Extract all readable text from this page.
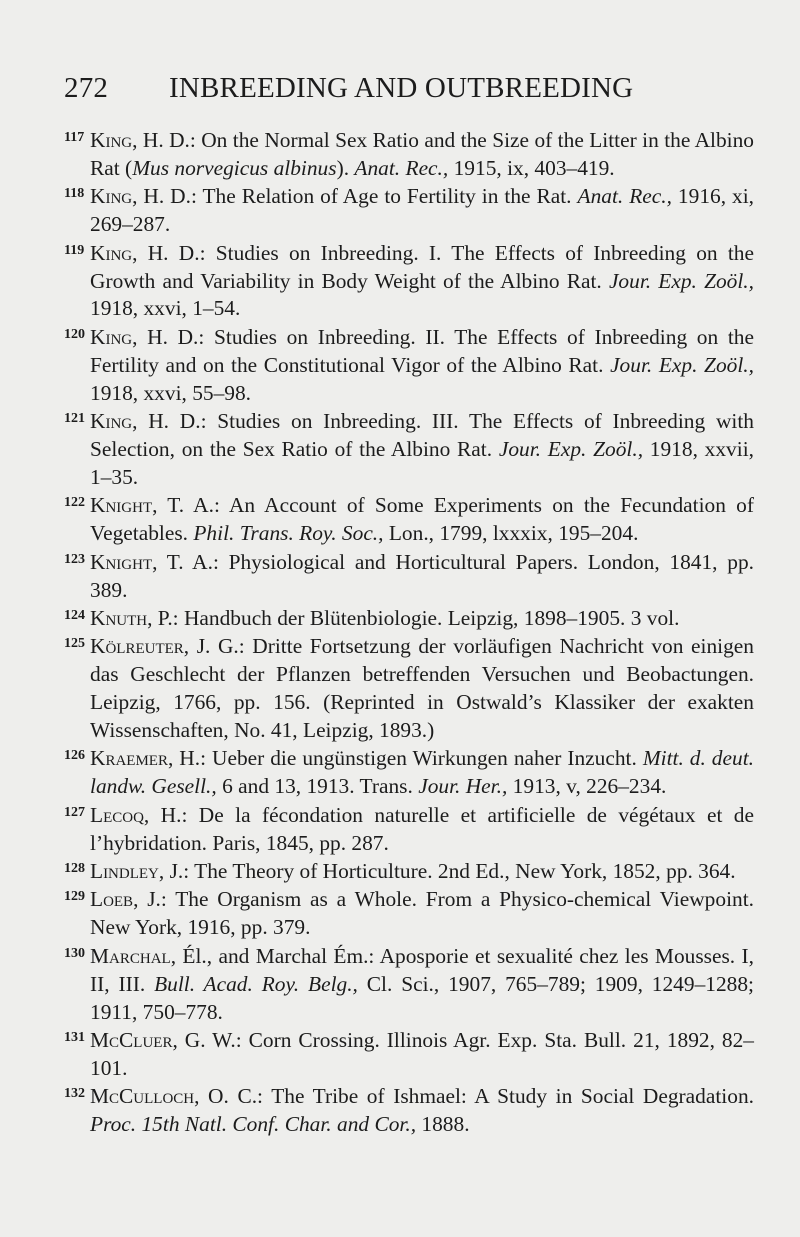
272 INBREEDING AND OUTBREEDING
117 King, H. D.: On the Normal Sex Ratio and the Size of the Litter in the Albino Rat (Mus norvegicus albinus). Anat. Rec., 1915, ix, 403–419.
118 King, H. D.: The Relation of Age to Fertility in the Rat. Anat. Rec., 1916, xi, 269–287.
119 King, H. D.: Studies on Inbreeding. I. The Effects of Inbreeding on the Growth and Variability in Body Weight of the Albino Rat. Jour. Exp. Zoöl., 1918, xxvi, 1–54.
120 King, H. D.: Studies on Inbreeding. II. The Effects of Inbreeding on the Fertility and on the Constitutional Vigor of the Albino Rat. Jour. Exp. Zoöl., 1918, xxvi, 55–98.
121 King, H. D.: Studies on Inbreeding. III. The Effects of Inbreeding with Selection, on the Sex Ratio of the Albino Rat. Jour. Exp. Zoöl., 1918, xxvii, 1–35.
122 Knight, T. A.: An Account of Some Experiments on the Fecundation of Vegetables. Phil. Trans. Roy. Soc., Lon., 1799, lxxxix, 195–204.
123 Knight, T. A.: Physiological and Horticultural Papers. London, 1841, pp. 389.
124 Knuth, P.: Handbuch der Blütenbiologie. Leipzig, 1898–1905. 3 vol.
125 Kölreuter, J. G.: Dritte Fortsetzung der vorläufigen Nachricht von einigen das Geschlecht der Pflanzen betreffenden Versuchen und Beobactungen. Leipzig, 1766, pp. 156. (Reprinted in Ostwald’s Klassiker der exakten Wissenschaften, No. 41, Leipzig, 1893.)
126 Kraemer, H.: Ueber die ungünstigen Wirkungen naher Inzucht. Mitt. d. deut. landw. Gesell., 6 and 13, 1913. Trans. Jour. Her., 1913, v, 226–234.
127 Lecoq, H.: De la fécondation naturelle et artificielle de végétaux et de l’hybridation. Paris, 1845, pp. 287.
128 Lindley, J.: The Theory of Horticulture. 2nd Ed., New York, 1852, pp. 364.
129 Loeb, J.: The Organism as a Whole. From a Physico-chemical Viewpoint. New York, 1916, pp. 379.
130 Marchal, Él., and Marchal Ém.: Aposporie et sexualité chez les Mousses. I, II, III. Bull. Acad. Roy. Belg., Cl. Sci., 1907, 765–789; 1909, 1249–1288; 1911, 750–778.
131 McCluer, G. W.: Corn Crossing. Illinois Agr. Exp. Sta. Bull. 21, 1892, 82–101.
132 McCulloch, O. C.: The Tribe of Ishmael: A Study in Social Degradation. Proc. 15th Natl. Conf. Char. and Cor., 1888.
